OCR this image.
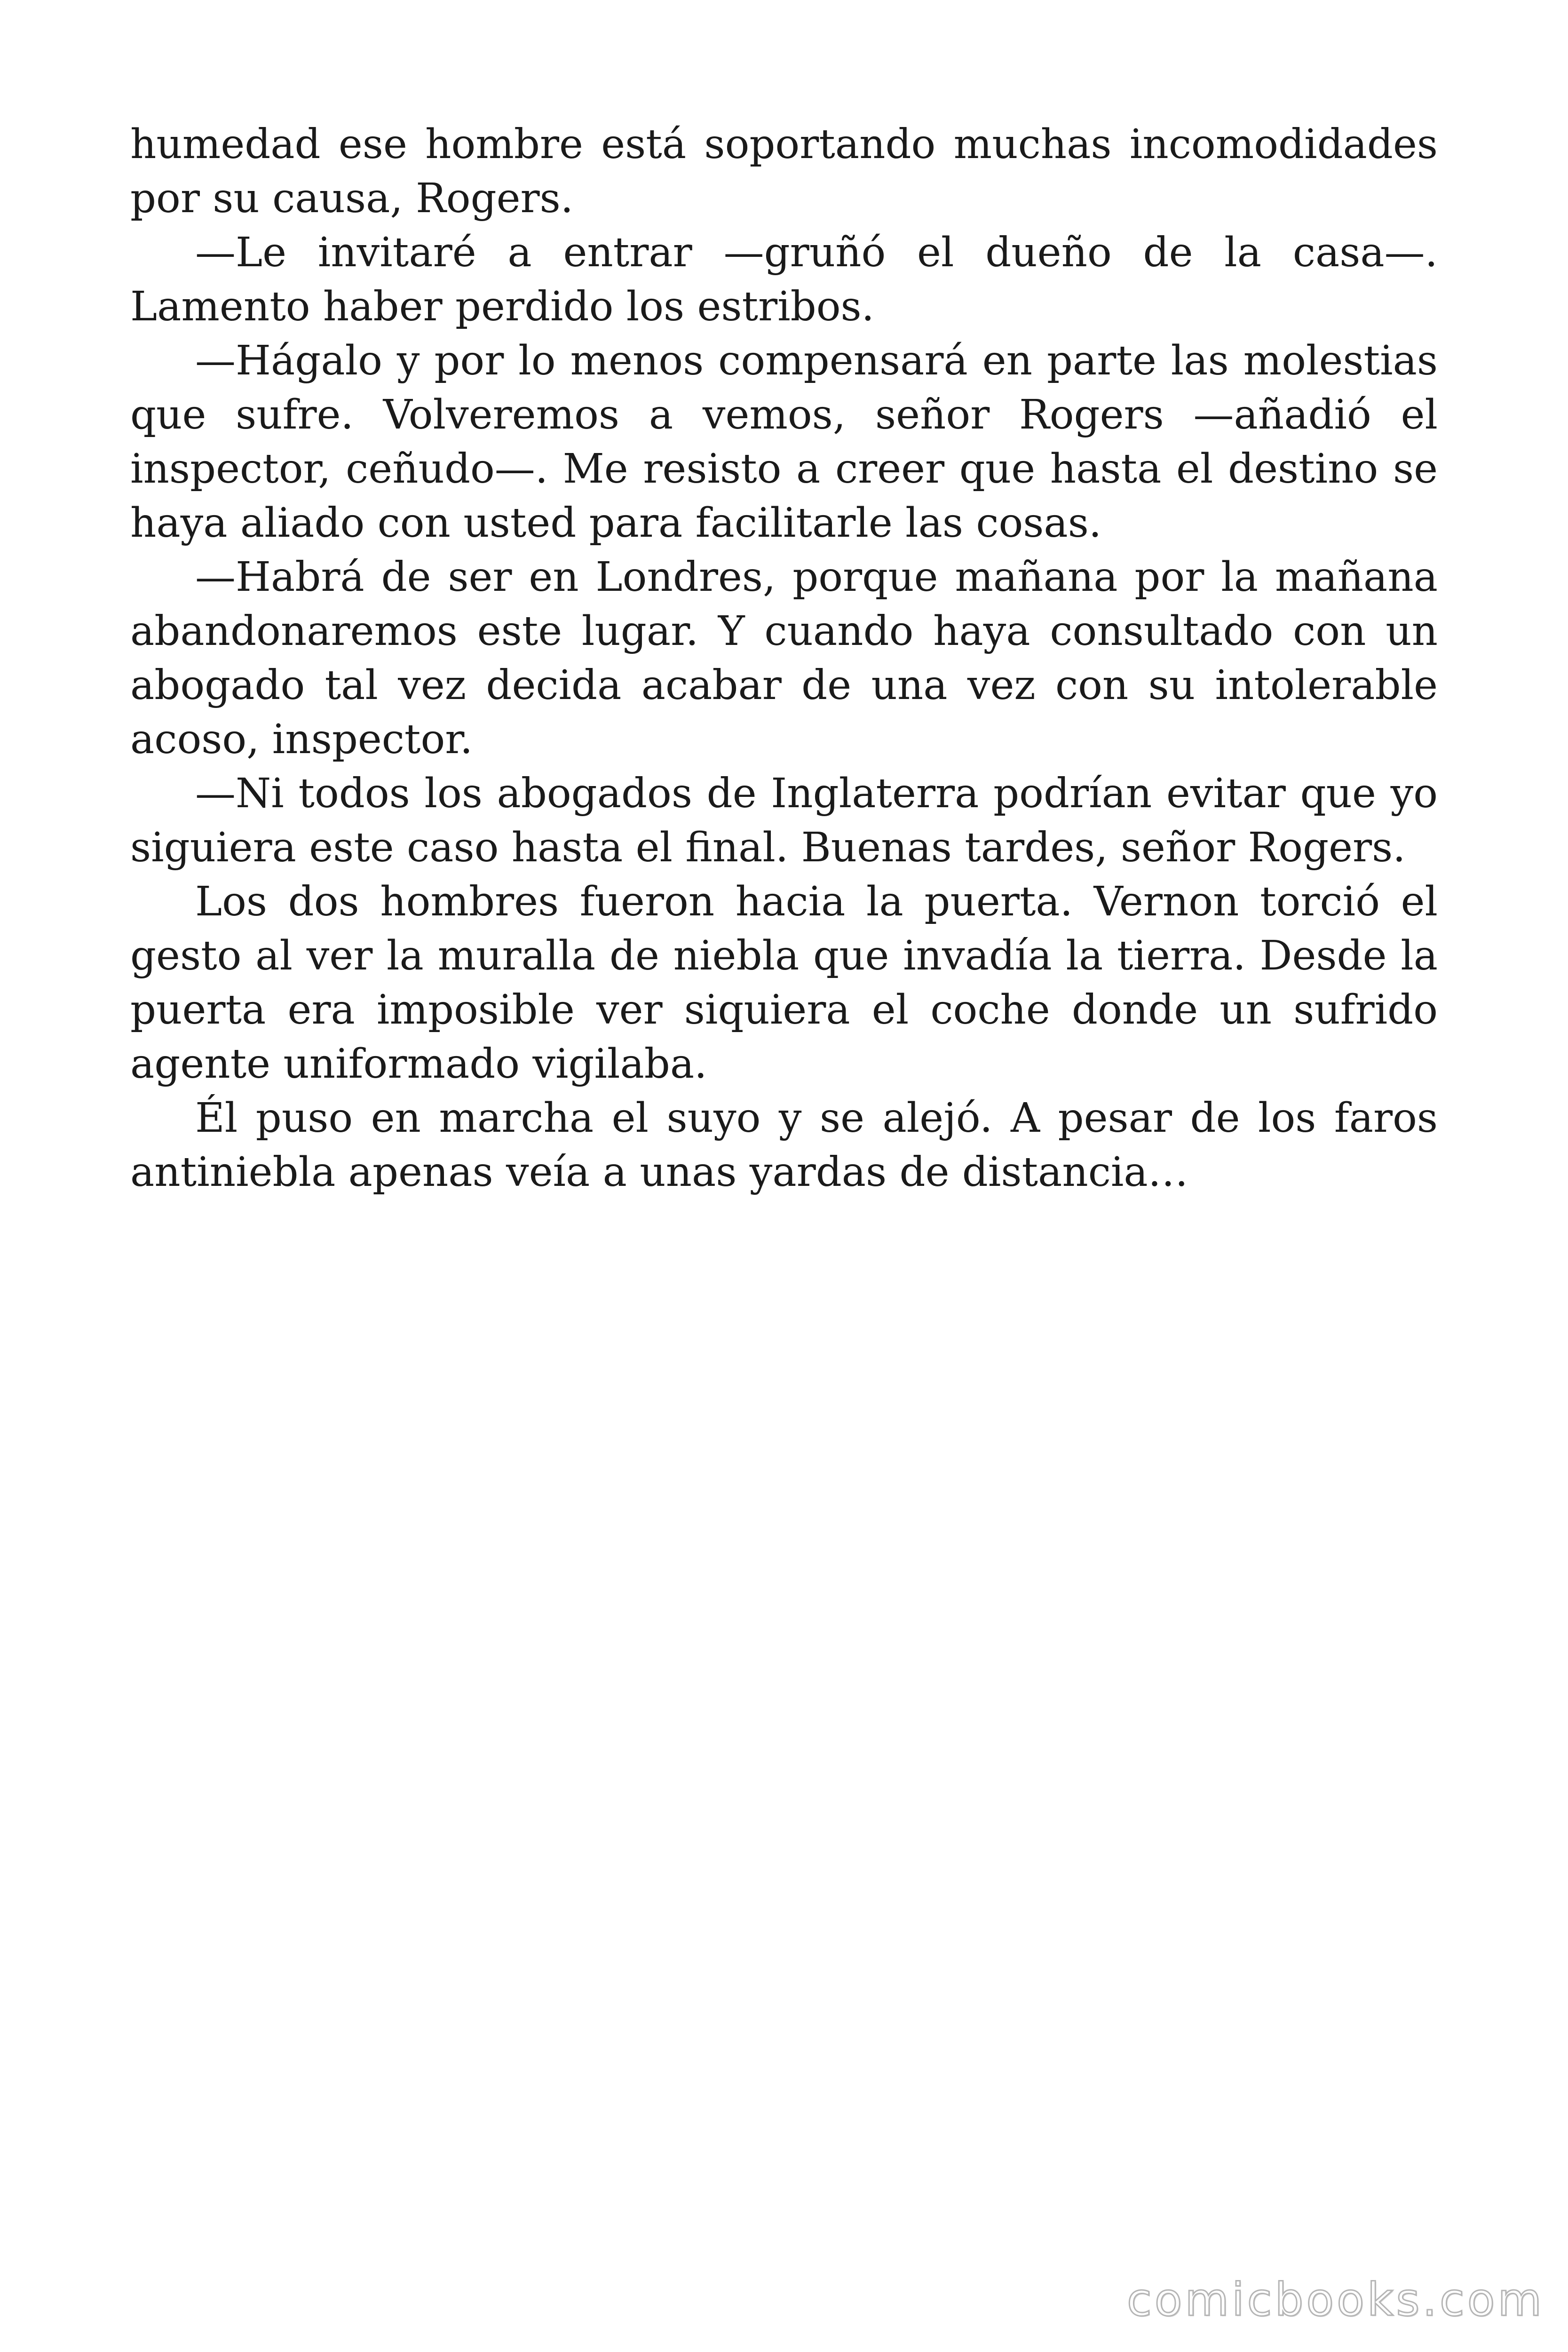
humedad ese hombre está soportando muchas incomodidades por su causa, Rogers.

—Le invitaré a entrar —gruñó el dueño de la casa—. Lamento haber perdido los estribos.

—Hágalo y por lo menos compensará en parte las molestias que sufre. Volveremos a vemos, señor Rogers —añadió el inspector, ceñudo—. Me resisto a creer que hasta el destino se haya aliado con usted para facilitarle las cosas.

—Habrá de ser en Londres, porque mañana por la mañana abandonaremos este lugar. Y cuando haya consultado con un abogado tal vez decida acabar de una vez con su intolerable acoso, inspector.

—Ni todos los abogados de Inglaterra podrían evitar que yo siguiera este caso hasta el final. Buenas tardes, señor Rogers.

Los dos hombres fueron hacia la puerta. Vernon torció el gesto al ver la muralla de niebla que invadía la tierra. Desde la puerta era imposible ver siquiera el coche donde un sufrido agente uniformado vigilaba.

Él puso en marcha el suyo y se alejó. A pesar de los faros antiniebla apenas veía a unas yardas de distancia…

comicbooks.com
